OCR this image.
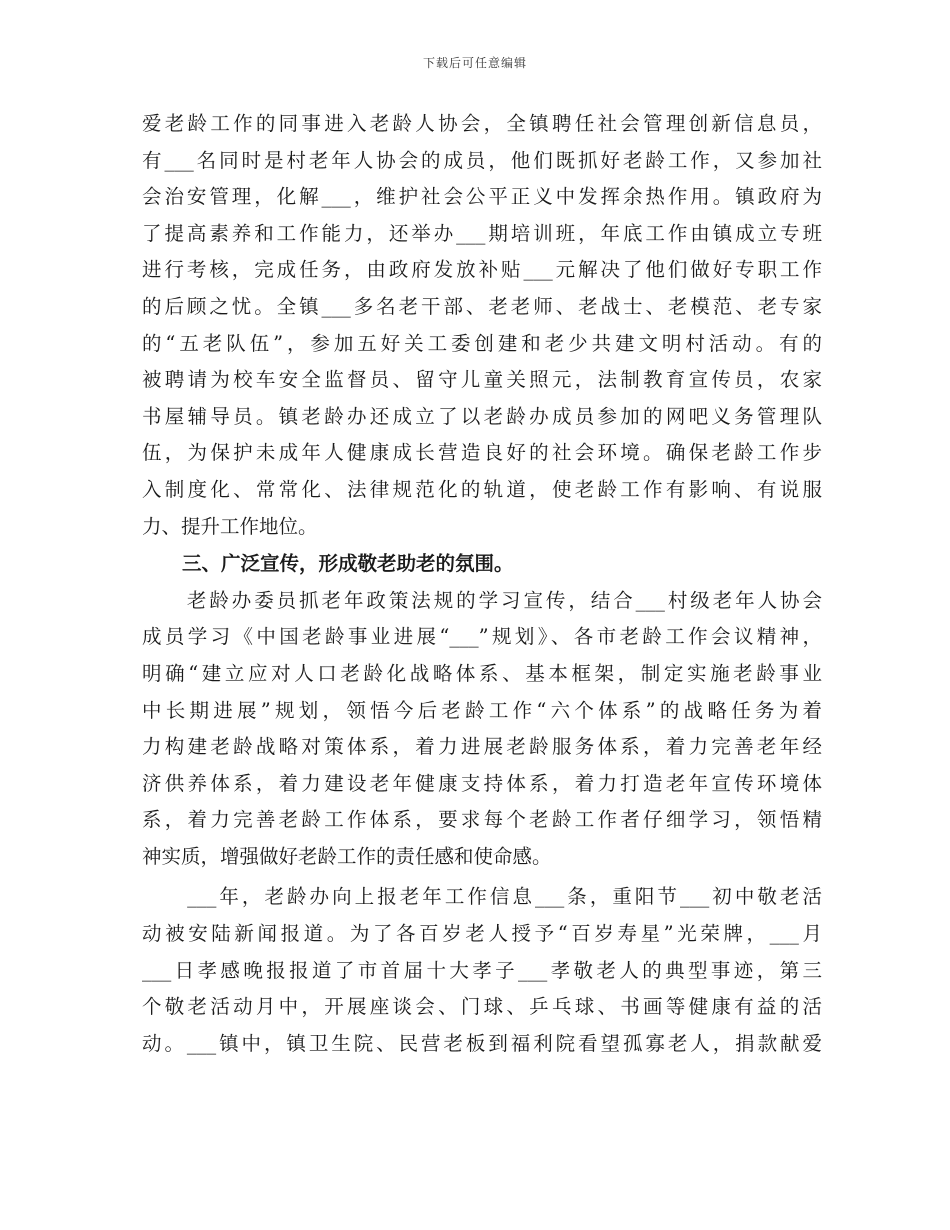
下载后可任意编辑
爱老龄工作的同事进入老龄人协会，全镇聘任社会管理创新信息员，
有___名同时是村老年人协会的成员，他们既抓好老龄工作，又参加社
会治安管理，化解___，维护社会公平正义中发挥余热作用。镇政府为
了提高素养和工作能力，还举办___期培训班，年底工作由镇成立专班
进行考核，完成任务，由政府发放补贴___元解决了他们做好专职工作
的后顾之忧。全镇___多名老干部、老老师、老战士、老模范、老专家
的“五老队伍”，参加五好关工委创建和老少共建文明村活动。有的
被聘请为校车安全监督员、留守儿童关照元，法制教育宣传员，农家
书屋辅导员。镇老龄办还成立了以老龄办成员参加的网吧义务管理队
伍，为保护未成年人健康成长营造良好的社会环境。确保老龄工作步
入制度化、常常化、法律规范化的轨道，使老龄工作有影响、有说服
力、提升工作地位。
三、广泛宣传，形成敬老助老的氛围。
　　老龄办委员抓老年政策法规的学习宣传，结合___村级老年人协会
成员学习《中国老龄事业进展“___”规划》、各市老龄工作会议精神，
明确“建立应对人口老龄化战略体系、基本框架，制定实施老龄事业
中长期进展”规划，领悟今后老龄工作“六个体系”的战略任务为着
力构建老龄战略对策体系，着力进展老龄服务体系，着力完善老年经
济供养体系，着力建设老年健康支持体系，着力打造老年宣传环境体
系，着力完善老龄工作体系，要求每个老龄工作者仔细学习，领悟精
神实质，增强做好老龄工作的责任感和使命感。
　　___年，老龄办向上报老年工作信息___条，重阳节___初中敬老活
动被安陆新闻报道。为了各百岁老人授予“百岁寿星”光荣牌，___月
___日孝感晚报报道了市首届十大孝子___孝敬老人的典型事迹，第三
个敬老活动月中，开展座谈会、门球、乒乓球、书画等健康有益的活
动。___镇中，镇卫生院、民营老板到福利院看望孤寡老人，捐款献爱
